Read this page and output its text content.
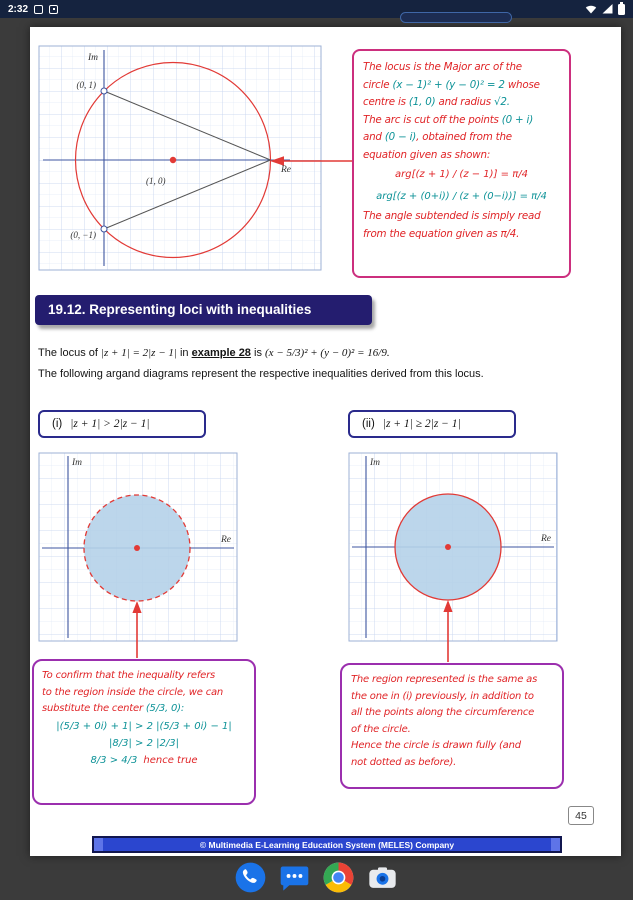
2:32
Im
Re
(0, 1)
(0, −1)
(1, 0)
The locus is the Major arc of the
circle (x − 1)² + (y − 0)² = 2 whose
centre is (1, 0) and radius √2.
The arc is cut off the points (0 + i)
and (0 − i), obtained from the
equation given as shown:
arg[(z + 1) / (z − 1)] = π/4
arg[(z + (0+i)) / (z + (0−i))] = π/4
The angle subtended is simply read
from the equation given as π/4.
19.12. Representing loci with inequalities

The locus of |z + 1| = 2|z − 1| in example 28 is (x − 5/3)² + (y − 0)² = 16/9.

The following argand diagrams represent the respective inequalities derived from this locus.

(i) |z + 1| > 2|z − 1|	(ii) |z + 1| ≥ 2|z − 1|
Im
Re
Im
Re
To confirm that the inequality refers
to the region inside the circle, we can
substitute the center (5/3, 0):
|(5/3 + 0i) + 1| > 2 |(5/3 + 0i) − 1|
|8/3| > 2 |2/3|
8/3 > 4/3 hence true
The region represented is the same as
the one in (i) previously, in addition to
all the points along the circumference
of the circle.
Hence the circle is drawn fully (and
not dotted as before).
45
© Multimedia E-Learning Education System (MELES) Company
